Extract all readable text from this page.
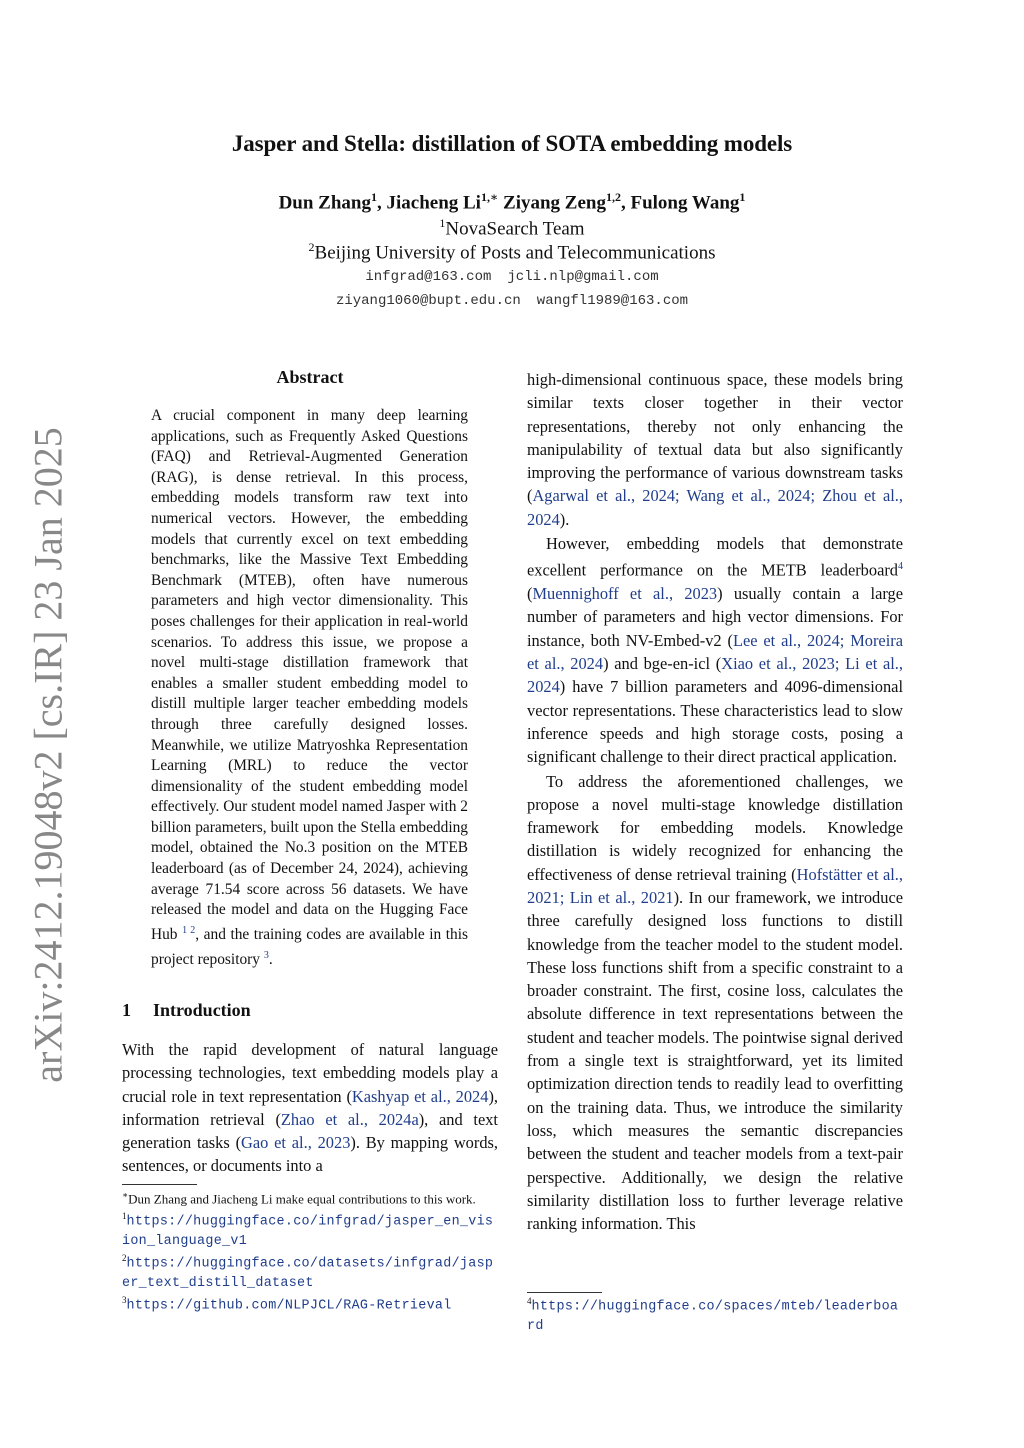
arXiv:2412.19048v2 [cs.IR] 23 Jan 2025
Jasper and Stella: distillation of SOTA embedding models
Dun Zhang$^1$, Jiacheng $Li^{1,∗}$ Ziyang Zeng$^{1,2}$, Fulong Wang$^1$
$^1$NovaSearch Team
$^2$Beijing University of Posts and Telecommunications
infgrad@163.com jcli.nlp@gmail.com
ziyang1060@bupt.edu.cn wangfl1989@163.com
Abstract
A crucial component in many deep learning applications, such as Frequently Asked Questions (FAQ) and Retrieval-Augmented Generation (RAG), is dense retrieval. In this process, embedding models transform raw text into numerical vectors. However, the embedding models that currently excel on text embedding benchmarks, like the Massive Text Embedding Benchmark (MTEB), often have numerous parameters and high vector dimensionality. This poses challenges for their application in real-world scenarios. To address this issue, we propose a novel multi-stage distillation framework that enables a smaller student embedding model to distill multiple larger teacher embedding models through three carefully designed losses. Meanwhile, we utilize Matryoshka Representation Learning (MRL) to reduce the vector dimensionality of the student embedding model effectively. Our student model named Jasper with 2 billion parameters, built upon the Stella embedding model, obtained the No.3 position on the MTEB leaderboard (as of December 24, 2024), achieving average 71.54 score across 56 datasets. We have released the model and data on the Hugging Face Hub $^{1 2}$, and the training codes are available in this project repository $^3$.
1 Introduction
With the rapid development of natural language processing technologies, text embedding models play a crucial role in text representation (Kashyap et al., 2024), information retrieval (Zhao et al., 2024a), and text generation tasks (Gao et al., 2023). By mapping words, sentences, or documents into a

∗Dun Zhang and Jiacheng Li make equal contributions to this work.

$^1$https://huggingface.co/infgrad/jasper_en_vision_language_v1

$^2$https://huggingface.co/datasets/infgrad/jasper_text_distill_dataset

$^3$https://github.com/NLPJCL/RAG-Retrieval

high-dimensional continuous space, these models bring similar texts closer together in their vector representations, thereby not only enhancing the manipulability of textual data but also significantly improving the performance of various downstream tasks (Agarwal et al., 2024; Wang et al., 2024; Zhou et al., 2024).

However, embedding models that demonstrate excellent performance on the METB leaderboard$^4$ (Muennighoff et al., 2023) usually contain a large number of parameters and high vector dimensions. For instance, both NV-Embed-v2 (Lee et al., 2024; Moreira et al., 2024) and bge-en-icl (Xiao et al., 2023; Li et al., 2024) have 7 billion parameters and 4096-dimensional vector representations. These characteristics lead to slow inference speeds and high storage costs, posing a significant challenge to their direct practical application.

To address the aforementioned challenges, we propose a novel multi-stage knowledge distillation framework for embedding models. Knowledge distillation is widely recognized for enhancing the effectiveness of dense retrieval training (Hofstätter et al., 2021; Lin et al., 2021). In our framework, we introduce three carefully designed loss functions to distill knowledge from the teacher model to the student model. These loss functions shift from a specific constraint to a broader constraint. The first, cosine loss, calculates the absolute difference in text representations between the student and teacher models. The pointwise signal derived from a single text is straightforward, yet its limited optimization direction tends to readily lead to overfitting on the training data. Thus, we introduce the similarity loss, which measures the semantic discrepancies between the student and teacher models from a text-pair perspective. Additionally, we design the relative similarity distillation loss to further leverage relative ranking information. This

$^4$https://huggingface.co/spaces/mteb/leaderboard
